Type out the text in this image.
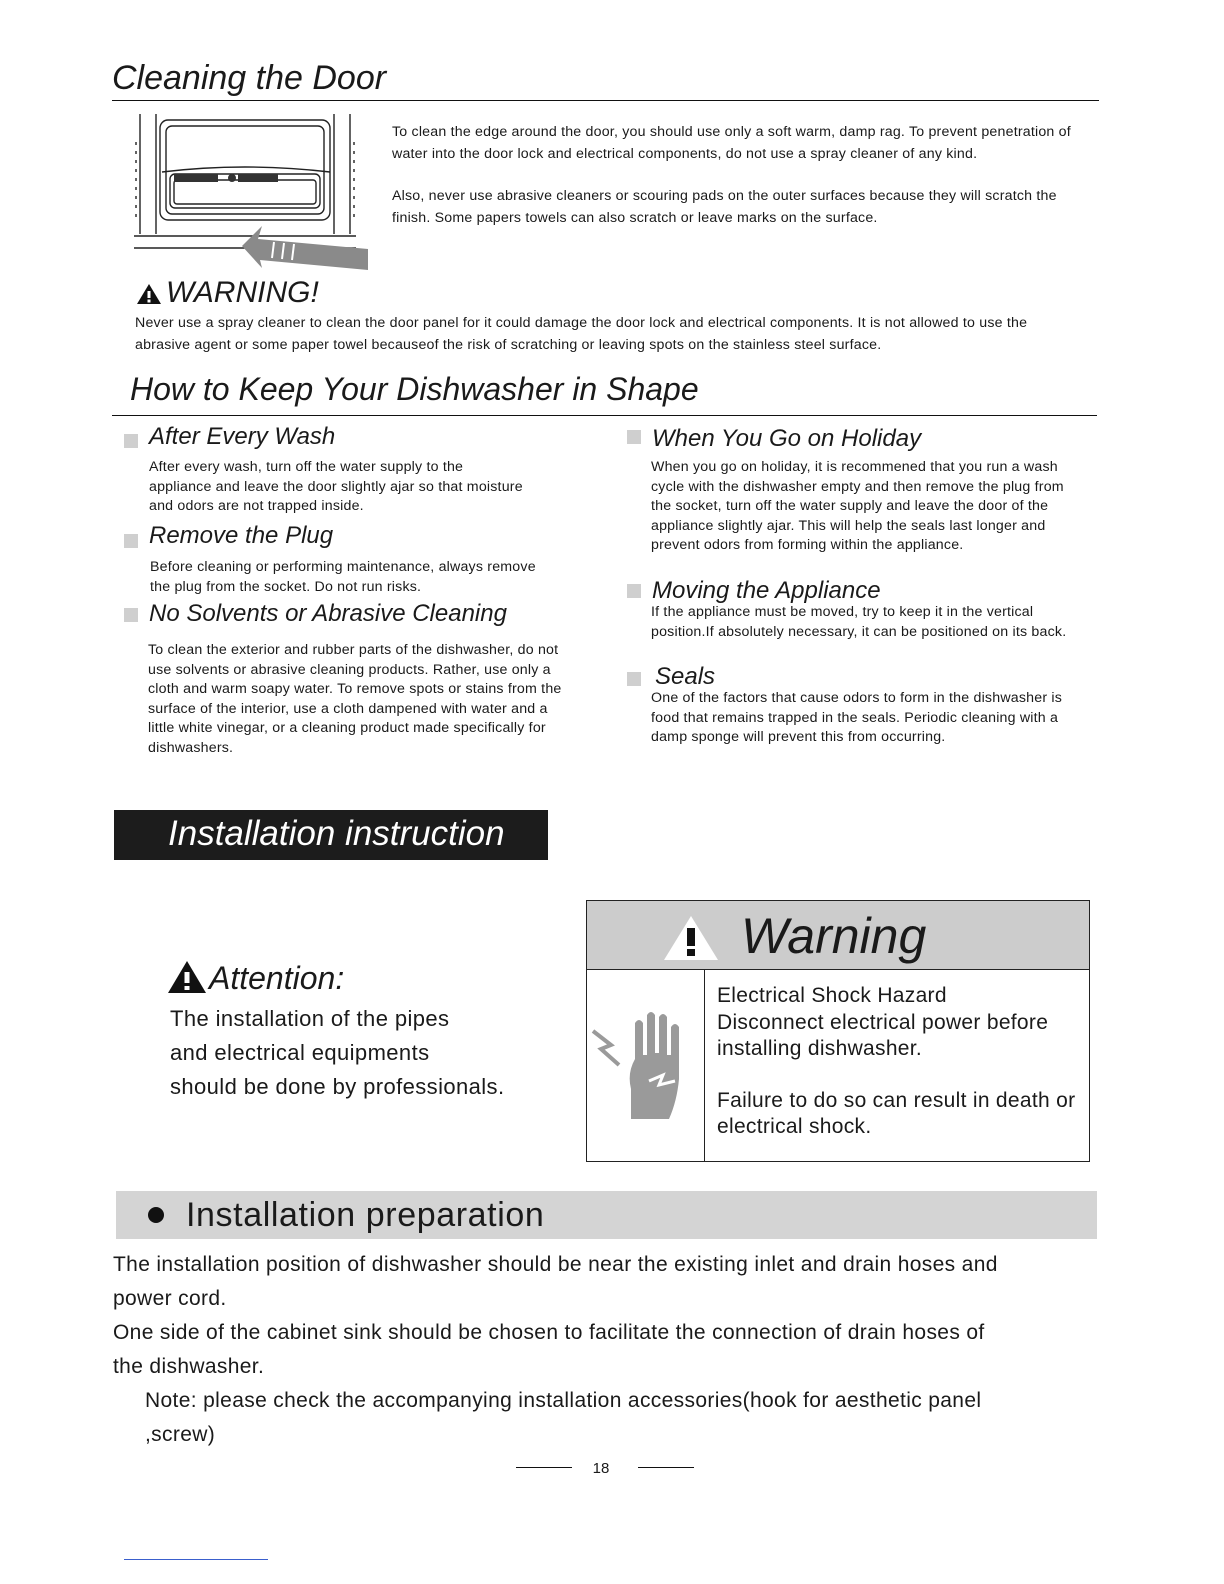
Cleaning the Door
To clean the edge around the door, you should use only a soft warm, damp rag. To prevent penetration of water into the door lock and electrical components, do not use a spray cleaner of any kind.
Also, never use abrasive cleaners or scouring pads on the outer surfaces because they will scratch the finish. Some papers towels can also scratch or leave marks on the surface.
WARNING!
Never use a spray cleaner to clean the door panel for it could damage the door lock and electrical components. It is not allowed to use the abrasive agent or some paper towel becauseof the risk of scratching or leaving spots on the stainless steel surface.
How to Keep Your Dishwasher in Shape
After Every Wash
After every wash, turn off the water supply to the appliance and leave the door slightly ajar so that moisture and odors are not trapped inside.
Remove the Plug
Before cleaning or performing maintenance, always remove the plug from the socket. Do not run risks.
No Solvents or Abrasive Cleaning
To clean the exterior and rubber parts of the dishwasher, do not use solvents or abrasive cleaning products. Rather, use only a cloth and warm soapy water. To remove spots or stains from the surface of the interior, use a cloth dampened with water and a little white vinegar, or a cleaning product made specifically for dishwashers.
When You Go on Holiday
When you go on holiday, it is recommened that you run a wash cycle with the dishwasher empty and then remove the plug from the socket, turn off the water supply and leave the door of the appliance slightly ajar. This will help the seals last longer and prevent odors from forming within the appliance.
Moving the Appliance
If the appliance must be moved, try to keep it in the vertical position.If absolutely necessary, it can be positioned on its back.
Seals
One of the factors that cause odors to form in the dishwasher is food that remains trapped in the seals. Periodic cleaning with a damp sponge will prevent this from occurring.
Installation instruction
Attention:
The installation of the pipes
and electrical equipments
should be done by professionals.
Warning
Electrical Shock Hazard
Disconnect electrical power before
installing dishwasher.
Failure to do so can result in death or
electrical shock.
Installation preparation
The installation position of dishwasher should be near the existing inlet and drain hoses and
power cord.
One side of the cabinet sink should be chosen to facilitate the connection of drain hoses of
the dishwasher.
Note: please check the accompanying installation accessories(hook for aesthetic panel
,screw)
18
